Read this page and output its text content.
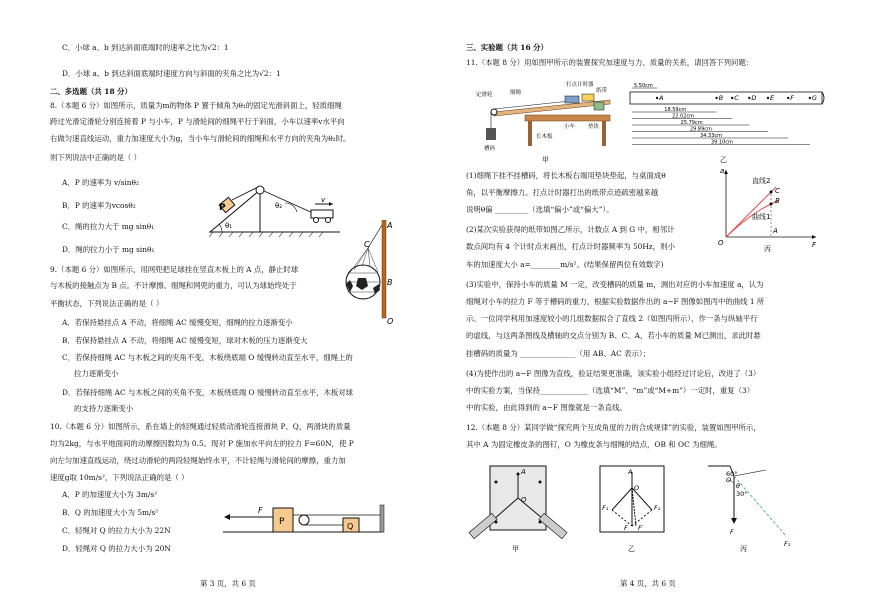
C．小球 a、b 到达斜面底端时的速率之比为√2：1
D．小球 a、b 到达斜面底端时速度方向与斜面的夹角之比为√2：1
二、多选题（共 18 分）
8.（本题 6 分）如图所示，质量为m的物体 P 置于倾角为θ₁的固定光滑斜面上，轻质细绳
跨过光滑定滑轮分别连接着 P 与小车，P 与滑轮间的细绳平行于斜面，小车以速率v水平向
右做匀速直线运动，重力加速度大小为g，当小车与滑轮间的细绳和水平方向的夹角为θ₂时。
则下列说法中正确的是（ ）
A．P 的速率为 v/sinθ₂
B．P 的速率为vcosθ₂
C．绳的拉力大于 mg sinθ₁
D．绳的拉力小于 mg sinθ₁
9.（本题 6 分）如图所示，用网兜把足球挂在竖直木板上的 A 点，静止时球
与木板的接触点为 B 点。不计摩擦、细绳和网兜的重力，可认为球始终处于
平衡状态，下列说法正确的是（ ）
A．若保持悬挂点 A 不动，将细绳 AC 缓慢变短，细绳的拉力逐渐变小
B．若保持悬挂点 A 不动，将细绳 AC 缓慢变短，球对木板的压力逐渐变大
C．若保持细绳 AC 与木板之间的夹角不变，木板绕底端 O 缓慢转动直至水平，细绳上的
拉力逐渐变小
D．若保持细绳 AC 与木板之间的夹角不变，木板绕底端 O 缓慢转动直至水平，木板对球
的支持力逐渐变小
10.（本题 6 分）如图所示，系在墙上的轻绳通过轻质动滑轮连接滑块 P、Q，两滑块的质量
均为2kg，与水平地面间的动摩擦因数均为 0.5。现对 P 施加水平向左的拉力 F=60N，使 P
向左匀加速直线运动，绕过动滑轮的两段轻绳始终水平，不计轻绳与滑轮间的摩擦，重力加
速度g取 10m/s²，下列说法正确的是（ ）
A．P 的加速度大小为 3m/s²
B．Q 的加速度大小为 5m/s²
C．轻绳对 Q 的拉力大小为 22N
D．轻绳对 Q 的拉力大小为 20N
P
θ₁
θ₂
v
A
C
B
O
F
P	Q
第 3 页，共 6 页
三、实验题（共 16 分）
11.（本题 8 分）用如图甲所示的装置探究加速度与力、质量的关系，请回答下列问题：
(1)细绳下挂不挂槽码，将长木板右端用垫块垫起，与桌面成θ
角，以平衡摩擦力。打点计时器打出的纸带点迹疏密越来越
说明θ偏 _________（选填“偏小”或“偏大”）。
(2)某次实验获得的纸带如图乙所示，计数点 A 到 G 中，相邻计
数点间均有 4 个计时点未画出，打点计时器频率为 50Hz，则小
车的加速度大小 a=________m/s²。(结果保留两位有效数字)
(3)实验中，保持小车的质量 M 一定，改变槽码的质量 m，测出对应的小车加速度 a，认为
细绳对小车的拉力 F 等于槽码的重力，根据实验数据作出的 a−F 图像如图丙中的曲线 1 所
示。一位同学利用加速度较小的几组数据拟合了直线 2（如图丙所示），作一条与纵轴平行
的虚线，与这两条图线及横轴的交点分别为 B、C、A，若小车的质量 M已测出，求此时悬
挂槽码的质量为 _______________（用 AB、AC 表示）；
(4)为使作出的 a−F 图像为直线，验证结果更准确，该实验小组经过讨论后，改进了（3）
中的实验方案，当保持_____________（选填“M”、“m”或“M+m”）一定时，重复（3）
中的实验，由此得到的 a−F 图像就是一条直线。
12.（本题 8 分）某同学做“探究两个互成角度的力的合成规律”的实验，装置如图甲所示，
其中 A 为固定橡皮条的图钉，O 为橡皮条与细绳的结点，OB 和 OC 为细绳。
定滑轮	细绳
打点计时器
纸带
槽码
长木板
小车 垫块
甲
A	B C D E F	G
5.50cm
18.59cm
22.02cm
25.79cm
29.89cm
34.33cm
39.10cm
乙
a
F
O
直线2
曲线1
C
B
A
丙
A
O
甲
A
O
F₁	F₂
F F′
乙
60°
θ
30°
O
F
F₂
丙
第 4 页，共 6 页
